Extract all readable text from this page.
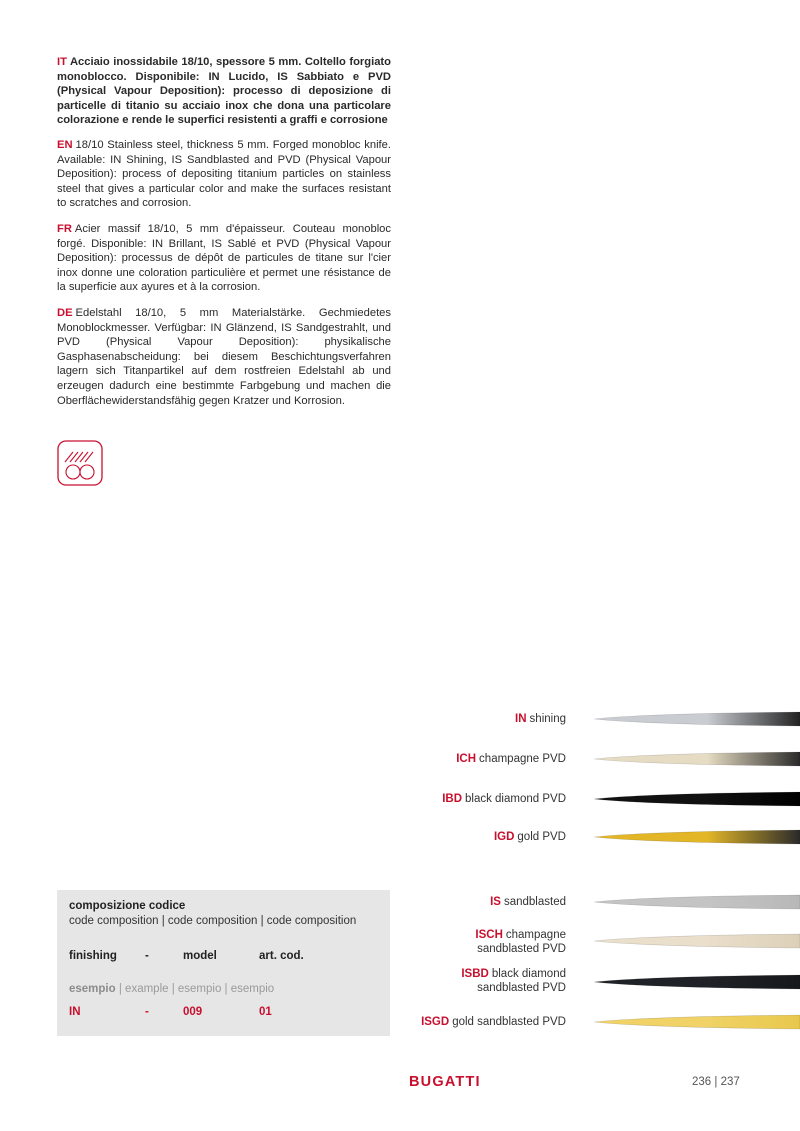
IT Acciaio inossidabile 18/10, spessore 5 mm. Coltello forgiato monoblocco. Disponibile: IN Lucido, IS Sabbiato e PVD (Physical Vapour Deposition): processo di deposizione di particelle di titanio su acciaio inox che dona una particolare colorazione e rende le superfici resistenti a graffi e corrosione
EN 18/10 Stainless steel, thickness 5 mm. Forged monobloc knife. Available: IN Shining, IS Sandblasted and PVD (Physical Vapour Deposition): process of depositing titanium particles on stainless steel that gives a particular color and make the surfaces resistant to scratches and corrosion.
FR Acier massif 18/10, 5 mm d'épaisseur. Couteau monobloc forgé. Disponible: IN Brillant, IS Sablé et PVD (Physical Vapour Deposition): processus de dépôt de particules de titane sur l'cier inox donne une coloration particulière et permet une résistance de la superficie aux ayures et à la corrosion.
DE Edelstahl 18/10, 5 mm Materialstärke. Gechmiedetes Monoblockmesser. Verfügbar: IN Glänzend, IS Sandgestrahlt, und PVD (Physical Vapour Deposition): physikalische Gasphasenabscheidung: bei diesem Beschichtungsverfahren lagern sich Titanpartikel auf dem rostfreien Edelstahl ab und erzeugen dadurch eine bestimmte Farbgebung und machen die Oberflächewiderstandsfähig gegen Kratzer und Korrosion.
composizione codice
code composition | code composition | code composition
finishing -	model	art. cod.
esempio | example | esempio | esempio
IN	-	009	01
IN shining
ICH champagne PVD
IBD black diamond PVD
IGD gold PVD
IS sandblasted
ISCH champagne
sandblasted PVD
ISBD black diamond
sandblasted PVD
ISGD gold sandblasted PVD
BUGATTI	236 | 237
